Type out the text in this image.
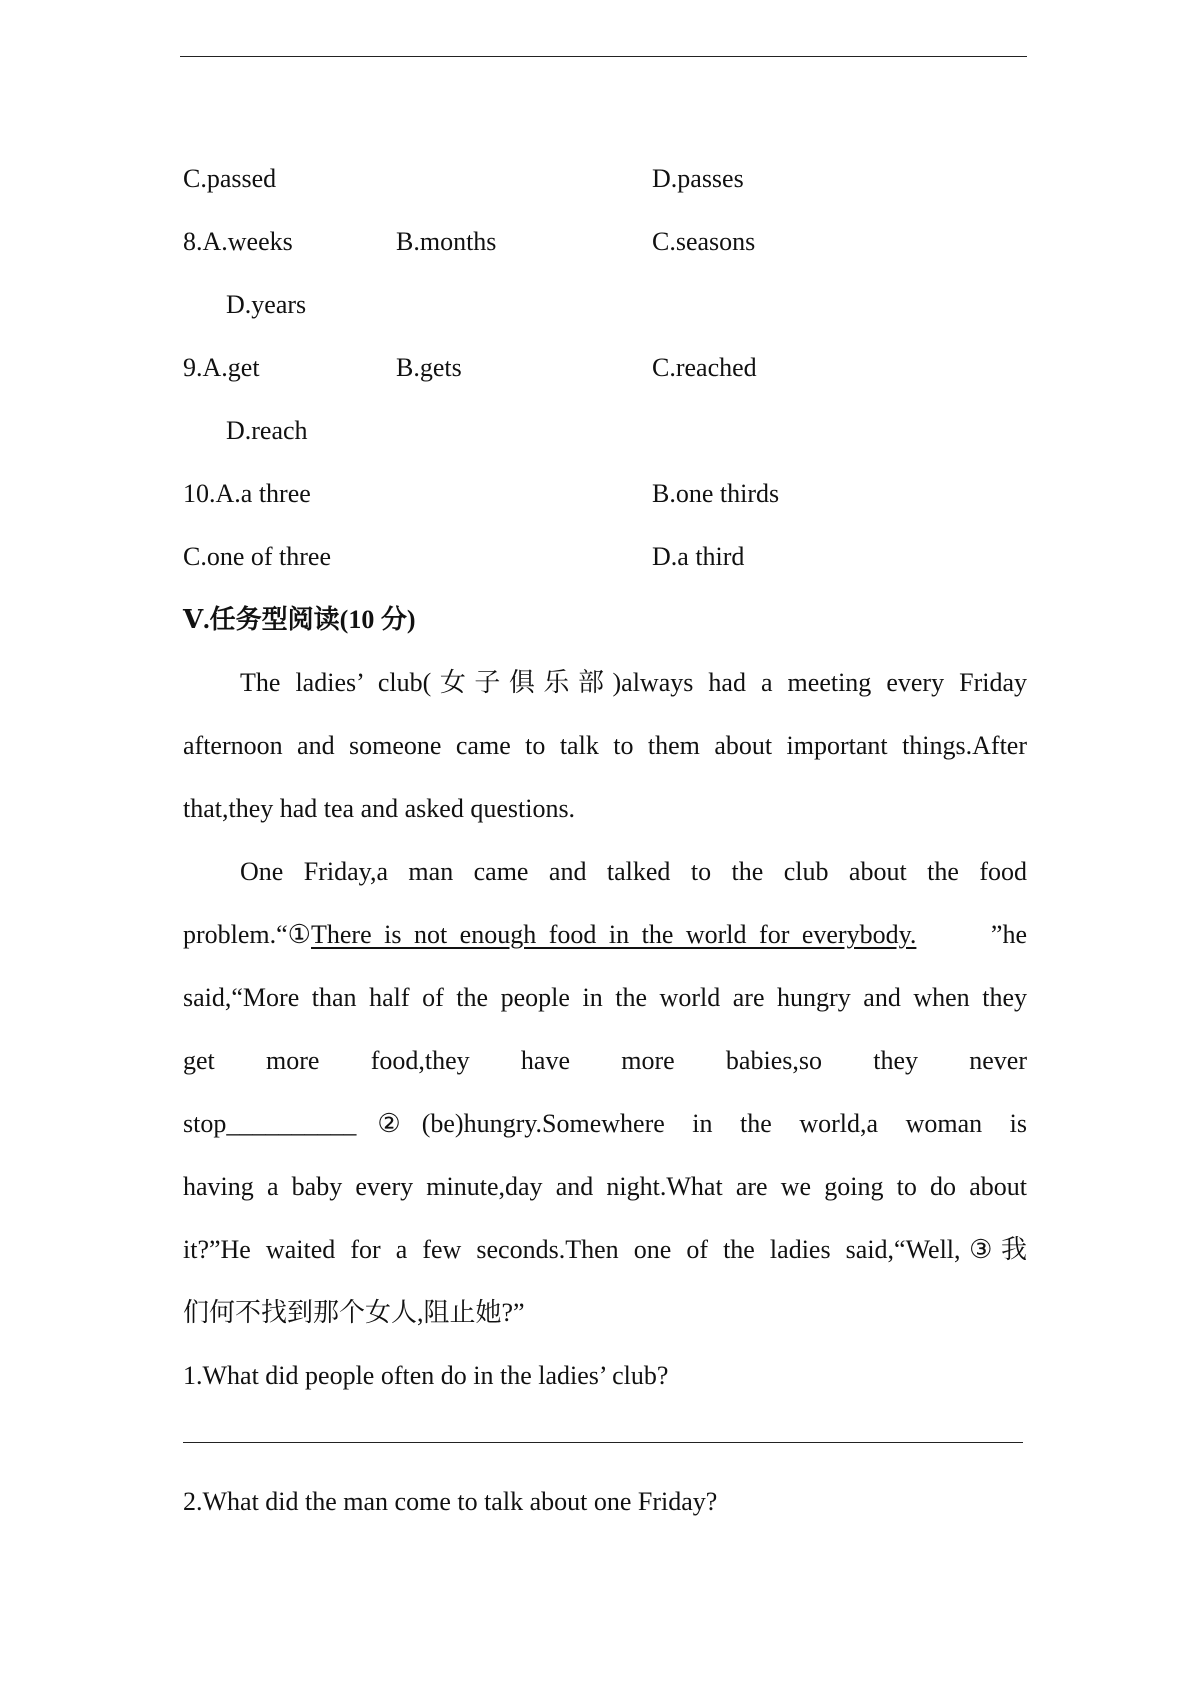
C.passed	D.passes
8.A.weeks	B.months	C.seasons
D.years
9.A.get	B.gets	C.reached
D.reach
10.A.a three	B.one thirds
C.one of three	D.a third
Ⅴ.任务型阅读(10 分)
The ladies’ club(女子俱乐部)always had a meeting every Friday
afternoon and someone came to talk to them about important things.After
that,they had tea and asked questions.
One Friday,a man came and talked to the club about the food
problem.“①There is not enough food in the world for everybody.	”he
said,“More than half of the people in the world are hungry and when they
get more food,they have more babies,so they never
stop__________②(be)hungry.Somewhere in the world,a woman is
having a baby every minute,day and night.What are we going to do about
it?”He waited for a few seconds.Then one of the ladies said,“Well,③我
们何不找到那个女人,阻止她?”
1.What did people often do in the ladies’ club?
2.What did the man come to talk about one Friday?
